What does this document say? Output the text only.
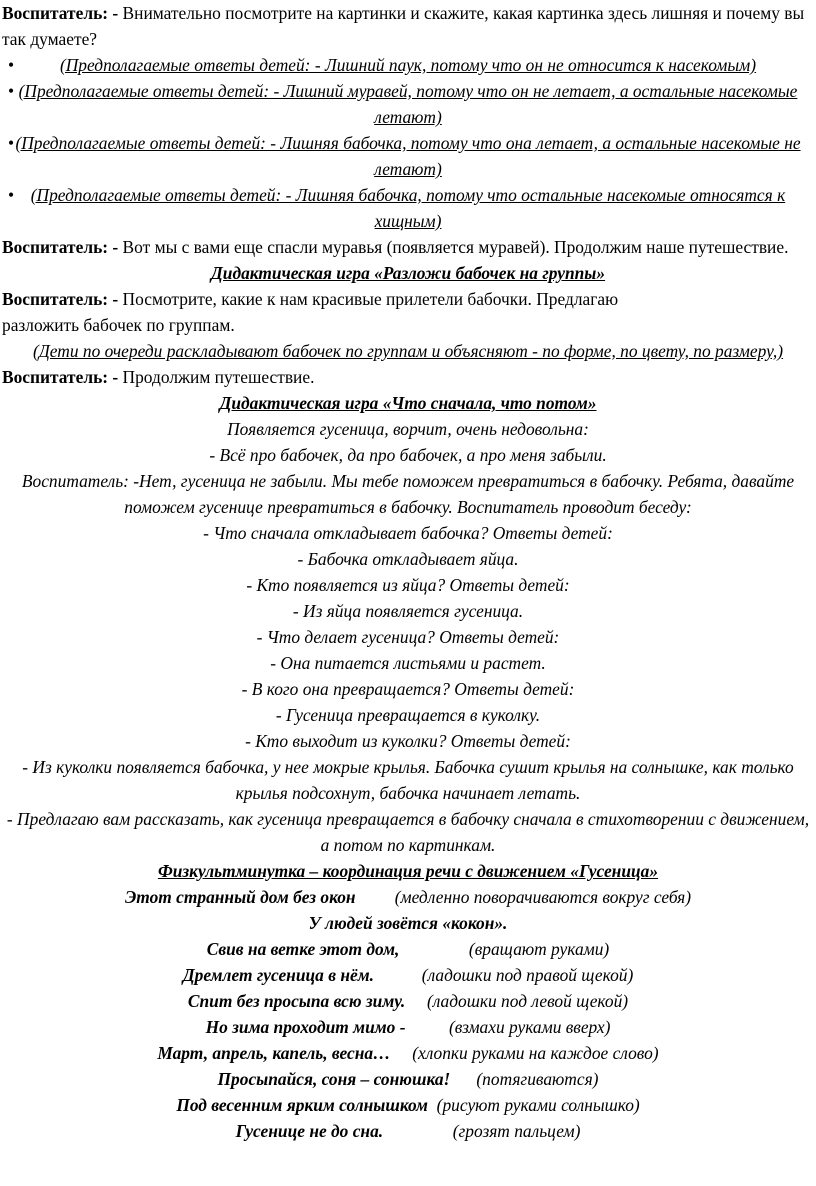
Воспитатель: - Внимательно посмотрите на картинки и скажите, какая картинка здесь лишняя и почему вы так думаете?

•	(Предполагаемые ответы детей: - Лишний паук, потому что он не относится к насекомым)
• (Предполагаемые ответы детей: - Лишний муравей, потому что он не летает, а остальные насекомые летают)
• (Предполагаемые ответы детей: - Лишняя бабочка, потому что она летает, а остальные насекомые не летают)
• (Предполагаемые ответы детей: - Лишняя бабочка, потому что остальные насекомые относятся к хищным)

Воспитатель: - Вот мы с вами еще спасли муравья (появляется муравей). Продолжим наше путешествие.

Дидактическая игра «Разложи бабочек на группы»

Воспитатель: - Посмотрите, какие к нам красивые прилетели бабочки. Предлагаю
разложить бабочек по группам.

(Дети по очереди раскладывают бабочек по группам и объясняют - по форме, по цвету, по размеру,)

Воспитатель: - Продолжим путешествие.

Дидактическая игра «Что сначала, что потом»

Появляется гусеница, ворчит, очень недовольна:

- Всё про бабочек, да про бабочек, а про меня забыли.

Воспитатель: -Нет, гусеница не забыли. Мы тебе поможем превратиться в бабочку. Ребята, давайте поможем гусенице превратиться в бабочку. Воспитатель проводит беседу:

- Что сначала откладывает бабочка? Ответы детей:

- Бабочка откладывает яйца.

- Кто появляется из яйца? Ответы детей:

- Из яйца появляется гусеница.

- Что делает гусеница? Ответы детей:

- Она питается листьями и растет.

- В кого она превращается? Ответы детей:

- Гусеница превращается в куколку.

- Кто выходит из куколки? Ответы детей:

- Из куколки появляется бабочка, у нее мокрые крылья. Бабочка сушит крылья на солнышке, как только крылья подсохнут, бабочка начинает летать.

- Предлагаю вам рассказать, как гусеница превращается в бабочку сначала в стихотворении с движением, а потом по картинкам.

Физкультминутка – координация речи с движением «Гусеница»

Этот странный дом без окон (медленно поворачиваются вокруг себя)

У людей зовётся «кокон».

Свив на ветке этот дом,	(вращают руками)

Дремлет гусеница в нём.	(ладошки под правой щекой)

Спит без просыпа всю зиму. (ладошки под левой щекой)

Но зима проходит мимо - (взмахи руками вверх)

Март, апрель, капель, весна… (хлопки руками на каждое слово)

Просыпайся, соня – сонюшка! (потягиваются)

Под весенним ярким солнышком (рисуют руками солнышко)

Гусенице не до сна.	(грозят пальцем)
